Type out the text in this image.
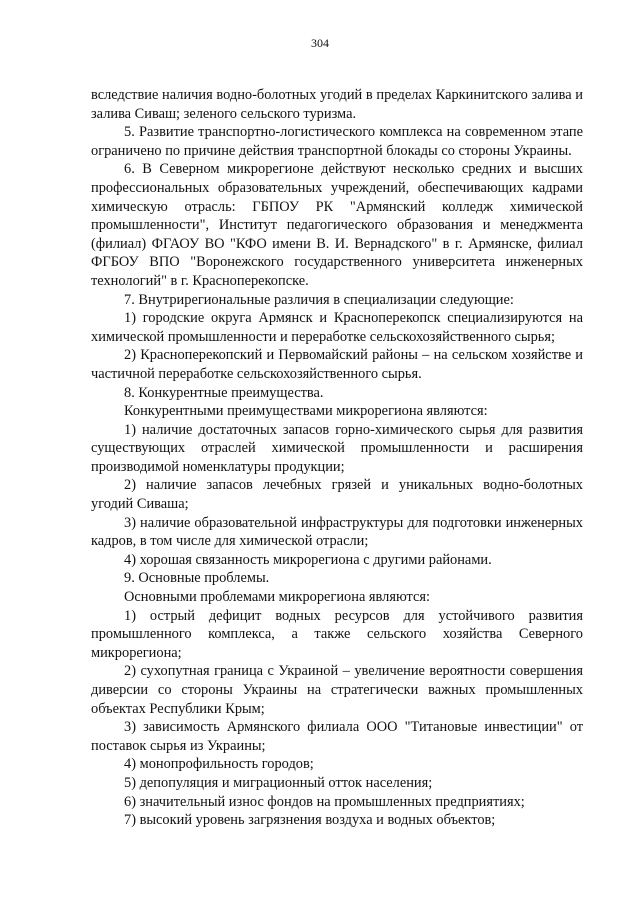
304

вследствие наличия водно-болотных угодий в пределах Каркинитского залива и залива Сиваш; зеленого сельского туризма.

5. Развитие транспортно-логистического комплекса на современном этапе ограничено по причине действия транспортной блокады со стороны Украины.

6. В Северном микрорегионе действуют несколько средних и высших профессиональных образовательных учреждений, обеспечивающих кадрами химическую отрасль: ГБПОУ РК "Армянский колледж химической промышленности", Институт педагогического образования и менеджмента (филиал) ФГАОУ ВО "КФО имени В. И. Вернадского" в г. Армянске, филиал ФГБОУ ВПО "Воронежского государственного университета инженерных технологий" в г. Красноперекопске.

7. Внутрирегиональные различия в специализации следующие:

1) городские округа Армянск и Красноперекопск специализируются на химической промышленности и переработке сельскохозяйственного сырья;

2) Красноперекопский и Первомайский районы – на сельском хозяйстве и частичной переработке сельскохозяйственного сырья.

8. Конкурентные преимущества.

Конкурентными преимуществами микрорегиона являются:

1) наличие достаточных запасов горно-химического сырья для развития существующих отраслей химической промышленности и расширения производимой номенклатуры продукции;

2) наличие запасов лечебных грязей и уникальных водно-болотных угодий Сиваша;

3) наличие образовательной инфраструктуры для подготовки инженерных кадров, в том числе для химической отрасли;

4) хорошая связанность микрорегиона с другими районами.

9. Основные проблемы.

Основными проблемами микрорегиона являются:

1) острый дефицит водных ресурсов для устойчивого развития промышленного комплекса, а также сельского хозяйства Северного микрорегиона;

2) сухопутная граница с Украиной – увеличение вероятности совершения диверсии со стороны Украины на стратегически важных промышленных объектах Республики Крым;

3) зависимость Армянского филиала ООО "Титановые инвестиции" от поставок сырья из Украины;

4) монопрофильность городов;

5) депопуляция и миграционный отток населения;

6) значительный износ фондов на промышленных предприятиях;

7) высокий уровень загрязнения воздуха и водных объектов;
